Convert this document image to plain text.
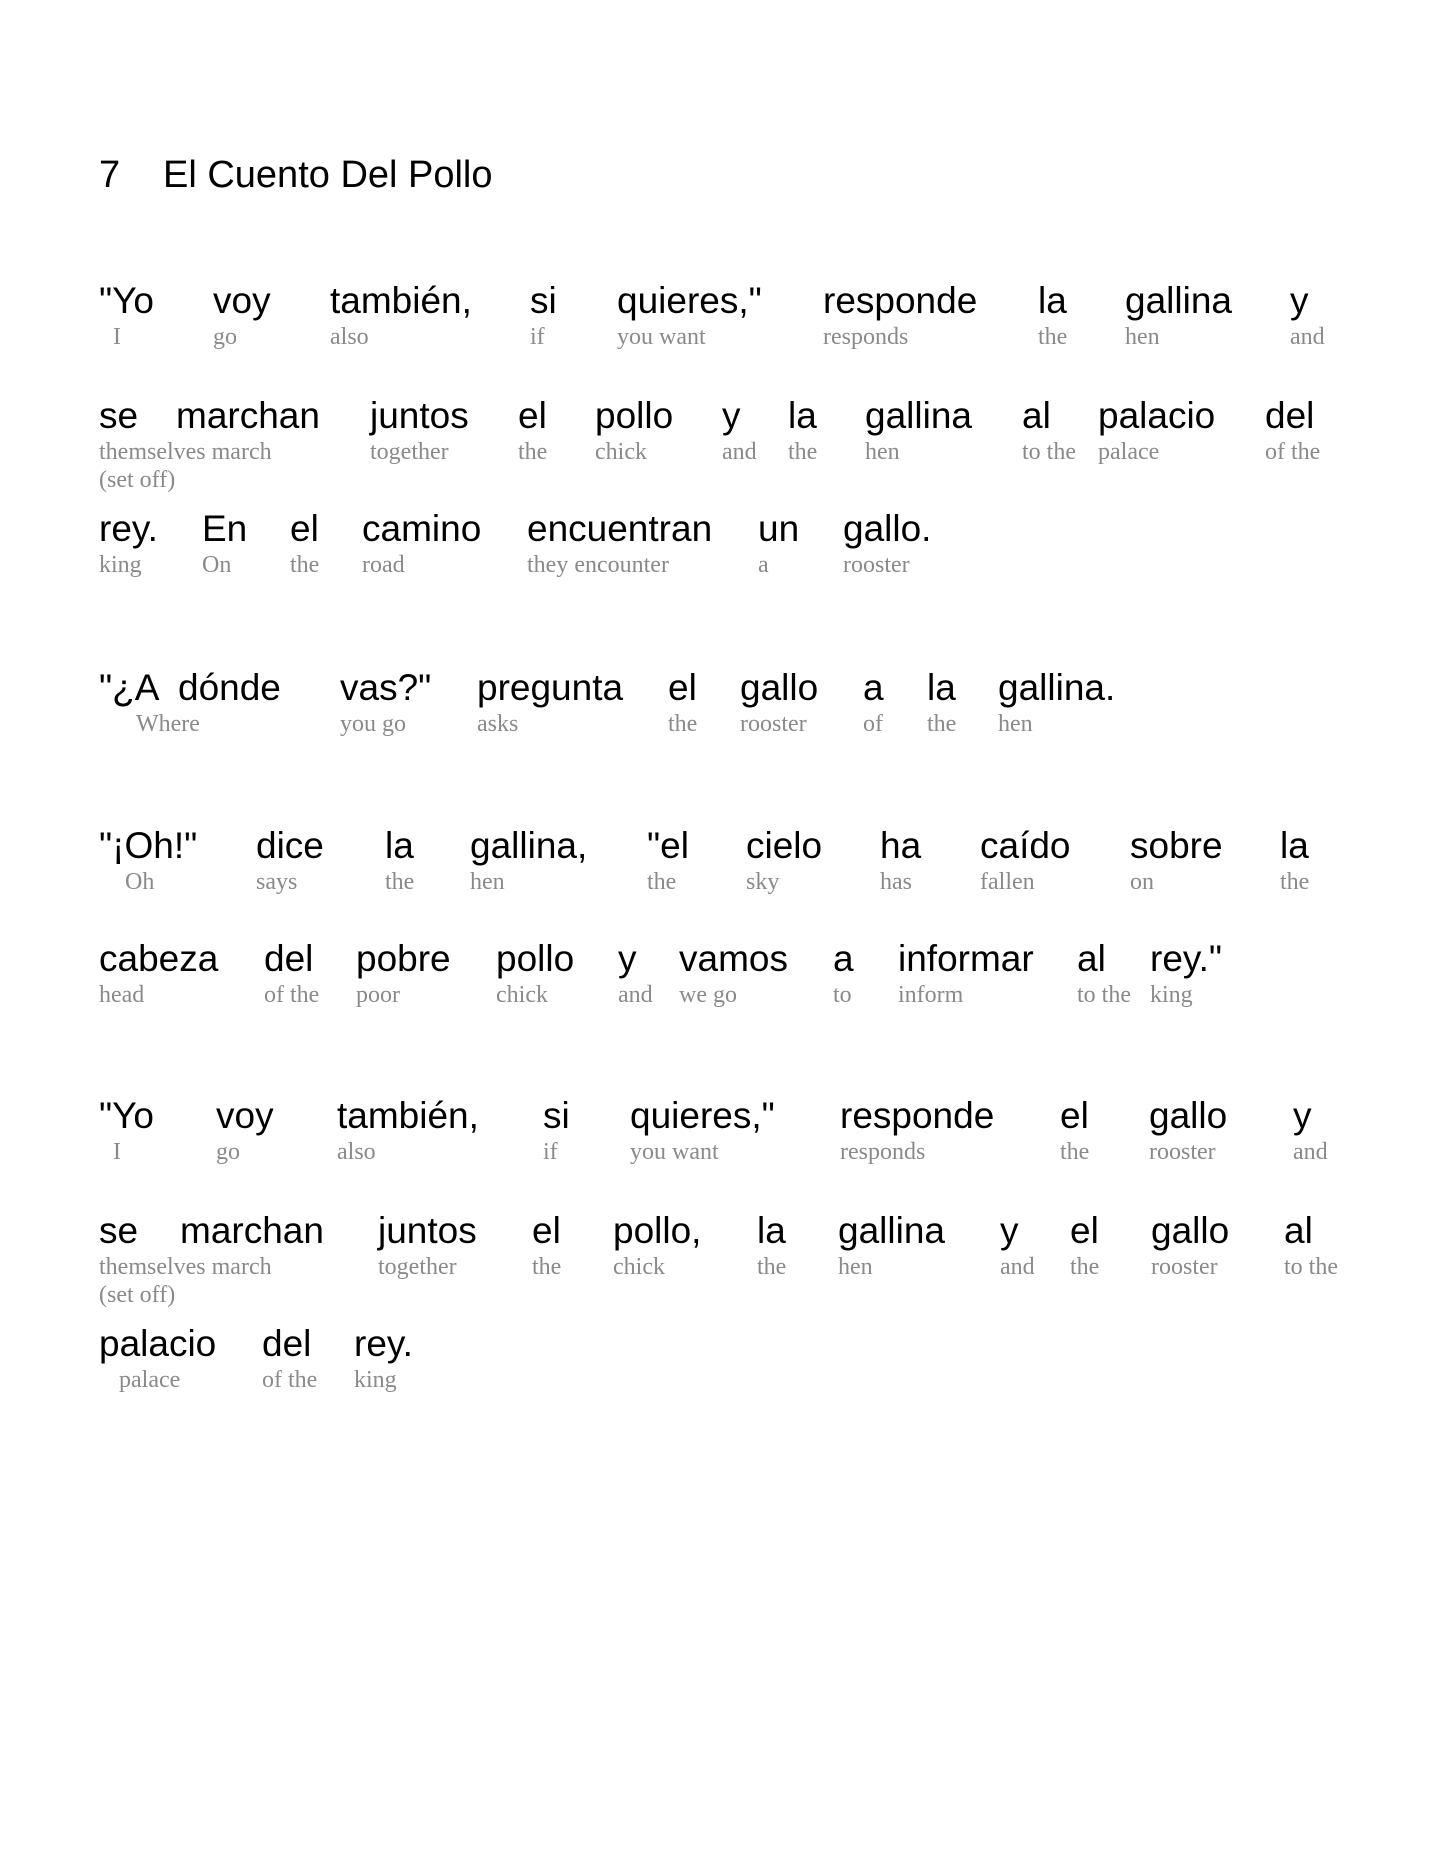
7 El Cuento Del Pollo
"Yo
I
voy
go
también,
also
si
if
quieres,"
you want
responde
responds
la
the
gallina
hen
y
and
se
themselves march
(set off)
marchan
juntos
together
el
the
pollo
chick
y
and
la
the
gallina
hen
al
to the
palacio
palace
del
of the
rey.
king
En
On
el
the
camino
road
encuentran
they encounter
un
a
gallo.
rooster
"¿A
Where
dónde
vas?"
you go
pregunta
asks
el
the
gallo
rooster
a
of
la
the
gallina.
hen
"¡Oh!"
Oh
dice
says
la
the
gallina,
hen
"el
the
cielo
sky
ha
has
caído
fallen
sobre
on
la
the
cabeza
head
del
of the
pobre
poor
pollo
chick
y
and
vamos
we go
a
to
informar
inform
al
to the
rey."
king
"Yo
I
voy
go
también,
also
si
if
quieres,"
you want
responde
responds
el
the
gallo
rooster
y
and
se
themselves march
(set off)
marchan
juntos
together
el
the
pollo,
chick
la
the
gallina
hen
y
and
el
the
gallo
rooster
al
to the
palacio
palace
del
of the
rey.
king
